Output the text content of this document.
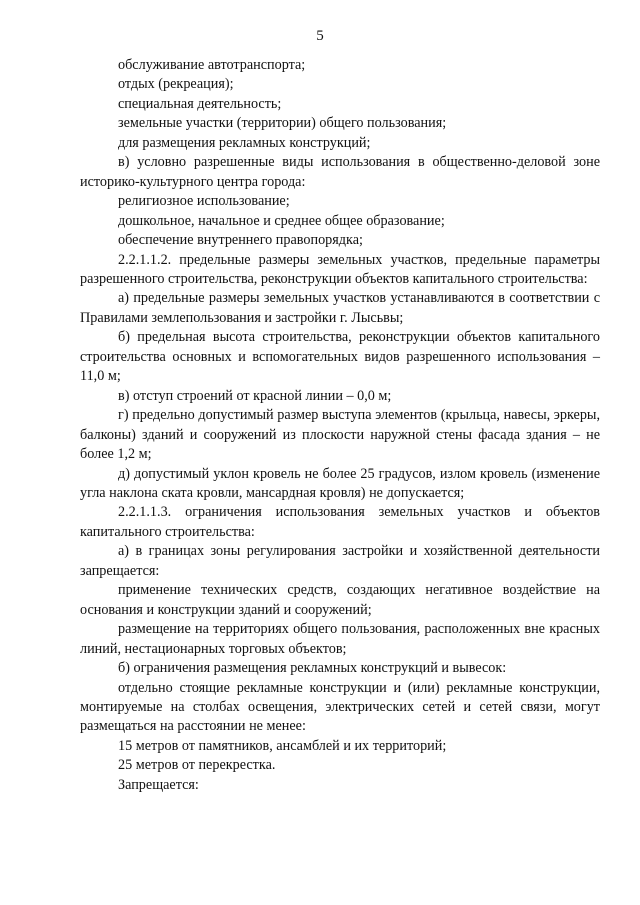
5

обслуживание автотранспорта;

отдых (рекреация);

специальная деятельность;

земельные участки (территории) общего пользования;

для размещения рекламных конструкций;

в) условно разрешенные виды использования в общественно-деловой зоне историко-культурного центра города:

религиозное использование;

дошкольное, начальное и среднее общее образование;

обеспечение внутреннего правопорядка;

2.2.1.1.2. предельные размеры земельных участков, предельные параметры разрешенного строительства, реконструкции объектов капитального строительства:

а) предельные размеры земельных участков устанавливаются в соответствии с Правилами землепользования и застройки г. Лысьвы;

б) предельная высота строительства, реконструкции объектов капитального строительства основных и вспомогательных видов разрешенного использования – 11,0 м;

в) отступ строений от красной линии – 0,0 м;

г) предельно допустимый размер выступа элементов (крыльца, навесы, эркеры, балконы) зданий и сооружений из плоскости наружной стены фасада здания – не более 1,2 м;

д) допустимый уклон кровель не более 25 градусов, излом кровель (изменение угла наклона ската кровли, мансардная кровля) не допускается;

2.2.1.1.3. ограничения использования земельных участков и объектов капитального строительства:

а) в границах зоны регулирования застройки и хозяйственной деятельности запрещается:

применение технических средств, создающих негативное воздействие на основания и конструкции зданий и сооружений;

размещение на территориях общего пользования, расположенных вне красных линий, нестационарных торговых объектов;

б) ограничения размещения рекламных конструкций и вывесок:

отдельно стоящие рекламные конструкции и (или) рекламные конструкции, монтируемые на столбах освещения, электрических сетей и сетей связи, могут размещаться на расстоянии не менее:

15 метров от памятников, ансамблей и их территорий;

25 метров от перекрестка.

Запрещается:
